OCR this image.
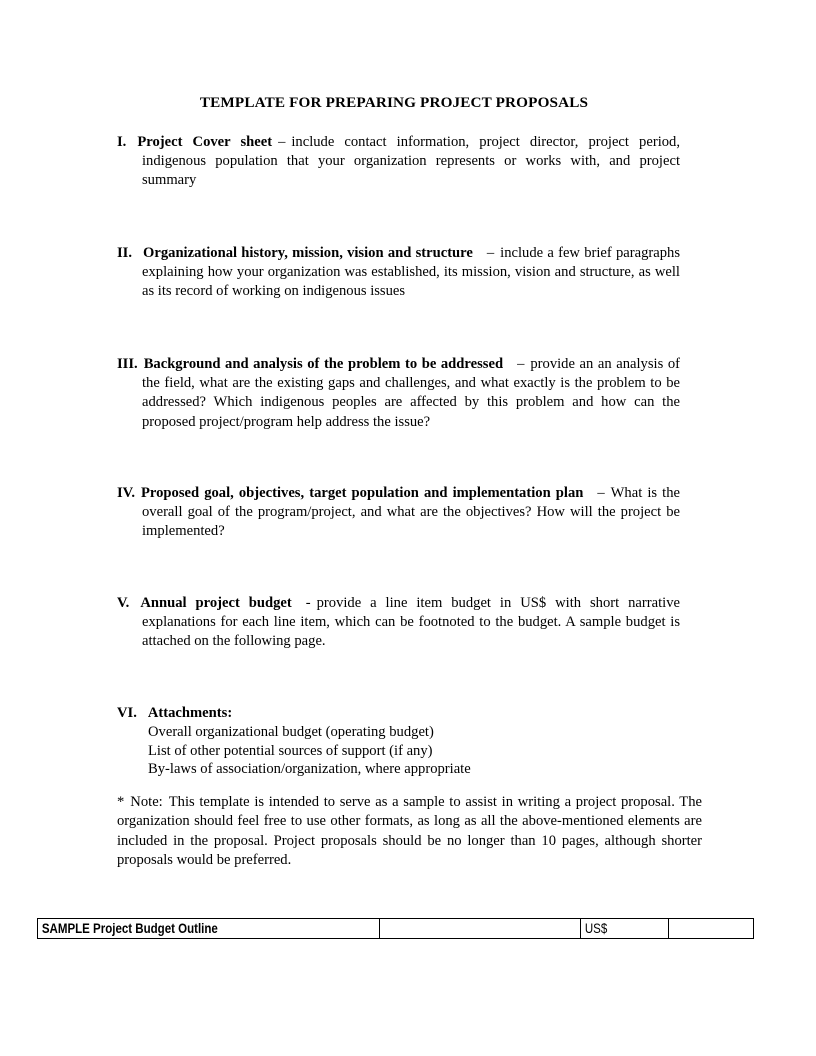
TEMPLATE FOR PREPARING PROJECT PROPOSALS
I. Project Cover sheet – include contact information, project director, project period, indigenous population that your organization represents or works with, and project summary
II. Organizational history, mission, vision and structure – include a few brief paragraphs explaining how your organization was established, its mission, vision and structure, as well as its record of working on indigenous issues
III. Background and analysis of the problem to be addressed – provide an an analysis of the field, what are the existing gaps and challenges, and what exactly is the problem to be addressed? Which indigenous peoples are affected by this problem and how can the proposed project/program help address the issue?
IV. Proposed goal, objectives, target population and implementation plan – What is the overall goal of the program/project, and what are the objectives? How will the project be implemented?
V. Annual project budget - provide a line item budget in US$ with short narrative explanations for each line item, which can be footnoted to the budget. A sample budget is attached on the following page.
VI. Attachments:
Overall organizational budget (operating budget)
List of other potential sources of support (if any)
By-laws of association/organization, where appropriate
* Note: This template is intended to serve as a sample to assist in writing a project proposal. The organization should feel free to use other formats, as long as all the above-mentioned elements are included in the proposal. Project proposals should be no longer than 10 pages, although shorter proposals would be preferred.
SAMPLE Project Budget Outline		US$	
